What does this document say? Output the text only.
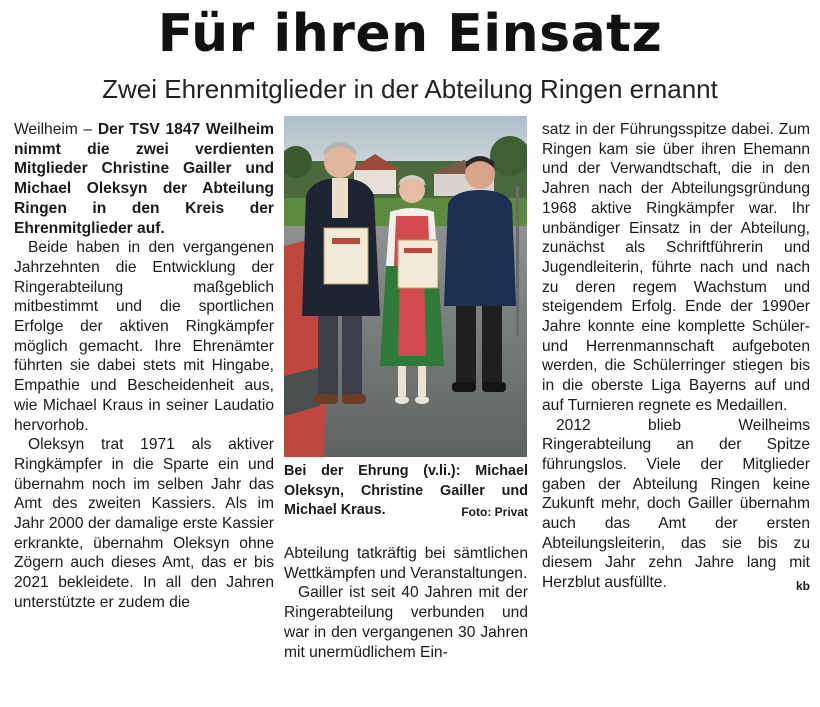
Für ihren Einsatz
Zwei Ehrenmitglieder in der Abteilung Ringen ernannt

Weilheim – Der TSV 1847 Weilheim nimmt die zwei verdienten Mitglieder Christine Gailler und Michael Oleksyn der Abteilung Ringen in den Kreis der Ehrenmitglieder auf.

Beide haben in den vergangenen Jahrzehnten die Entwicklung der Ringerabteilung maßgeblich mitbestimmt und die sportlichen Erfolge der aktiven Ringkämpfer möglich gemacht. Ihre Ehrenämter führten sie dabei stets mit Hingabe, Empathie und Bescheidenheit aus, wie Michael Kraus in seiner Laudatio hervorhob.

Oleksyn trat 1971 als aktiver Ringkämpfer in die Sparte ein und übernahm noch im selben Jahr das Amt des zweiten Kassiers. Als im Jahr 2000 der damalige erste Kassier erkrankte, übernahm Oleksyn ohne Zögern auch dieses Amt, das er bis 2021 bekleidete. In all den Jahren unterstützte er zudem die

Bei der Ehrung (v.li.): Michael Oleksyn, Christine Gailler und Michael Kraus.	Foto: Privat

Abteilung tatkräftig bei sämtlichen Wettkämpfen und Veranstaltungen.

Gailler ist seit 40 Jahren mit der Ringerabteilung verbunden und war in den vergangenen 30 Jahren mit unermüdlichem Ein-

satz in der Führungsspitze dabei. Zum Ringen kam sie über ihren Ehemann und der Verwandtschaft, die in den Jahren nach der Abteilungsgründung 1968 aktive Ringkämpfer war. Ihr unbändiger Einsatz in der Abteilung, zunächst als Schriftführerin und Jugendleiterin, führte nach und nach zu deren regem Wachstum und steigendem Erfolg. Ende der 1990er Jahre konnte eine komplette Schüler- und Herrenmannschaft aufgeboten werden, die Schülerringer stiegen bis in die oberste Liga Bayerns auf und auf Turnieren regnete es Medaillen.

2012 blieb Weilheims Ringerabteilung an der Spitze führungslos. Viele der Mitglieder gaben der Abteilung Ringen keine Zukunft mehr, doch Gailler übernahm auch das Amt der ersten Abteilungsleiterin, das sie bis zu diesem Jahr zehn Jahre lang mit Herzblut ausfüllte.	kb
